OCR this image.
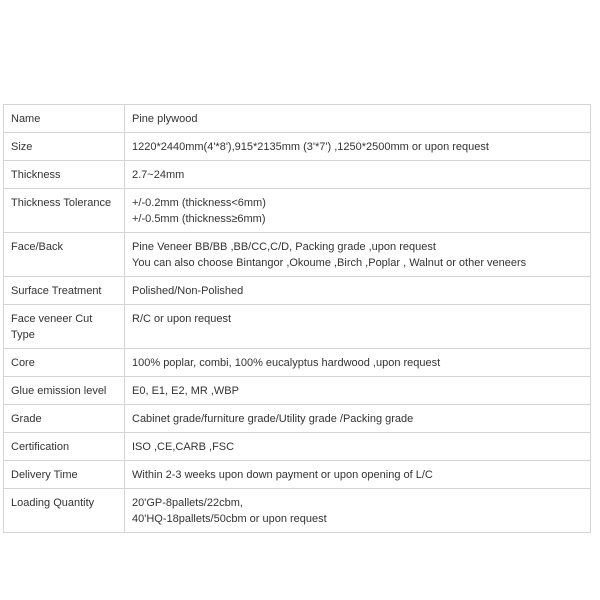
Name	Pine plywood

Size	1220*2440mm(4'*8'),915*2135mm (3'*7') ,1250*2500mm or upon request

Thickness	2.7~24mm

Thickness Tolerance	+/-0.2mm (thickness<6mm)
+/-0.5mm (thickness≥6mm)

Face/Back	Pine Veneer BB/BB ,BB/CC,C/D, Packing grade ,upon request
You can also choose Bintangor ,Okoume ,Birch ,Poplar , Walnut or other veneers

Surface Treatment	Polished/Non-Polished

Face veneer Cut Type	R/C or upon request

Core	100% poplar, combi, 100% eucalyptus hardwood ,upon request

Glue emission level	E0, E1, E2, MR ,WBP

Grade	Cabinet grade/furniture grade/Utility grade /Packing grade

Certification	ISO ,CE,CARB ,FSC

Delivery Time	Within 2-3 weeks upon down payment or upon opening of L/C

Loading Quantity	20'GP-8pallets/22cbm,
40'HQ-18pallets/50cbm or upon request
